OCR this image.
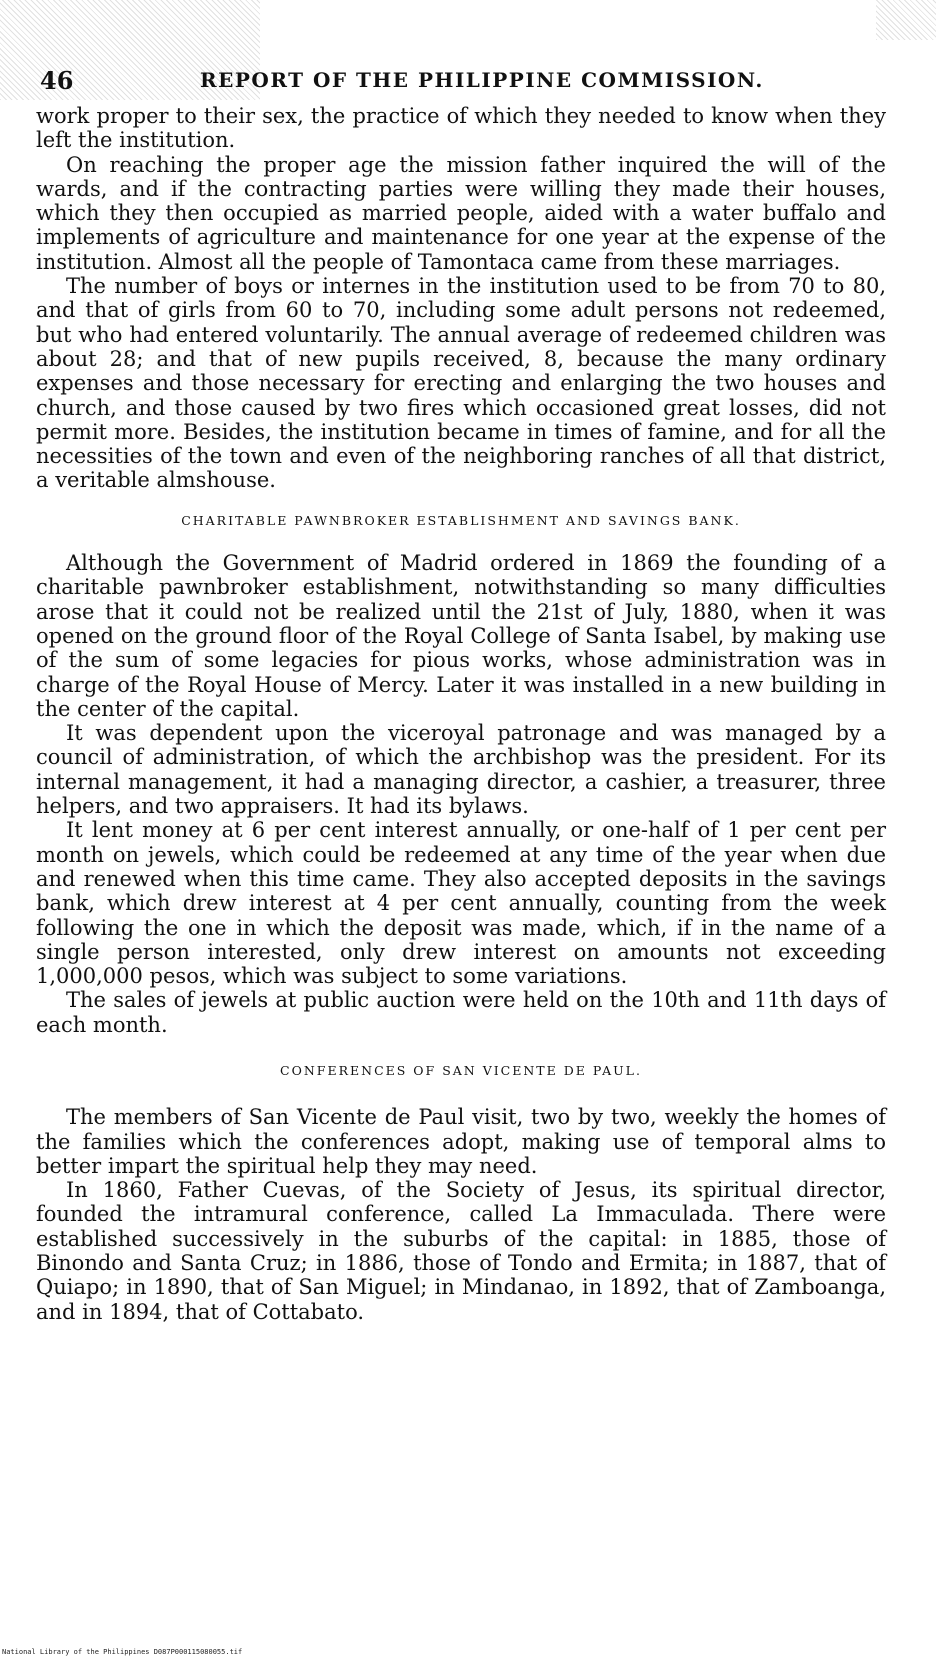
46	REPORT OF THE PHILIPPINE COMMISSION.

work proper to their sex, the practice of which they needed to know when they left the institution.

On reaching the proper age the mission father inquired the will of the wards, and if the contracting parties were willing they made their houses, which they then occupied as married people, aided with a water buffalo and implements of agriculture and maintenance for one year at the expense of the institution. Almost all the people of Tamontaca came from these marriages.

The number of boys or internes in the institution used to be from 70 to 80, and that of girls from 60 to 70, including some adult persons not redeemed, but who had entered voluntarily. The annual average of redeemed children was about 28; and that of new pupils received, 8, because the many ordinary expenses and those necessary for erecting and enlarging the two houses and church, and those caused by two fires which occasioned great losses, did not permit more. Besides, the institution became in times of famine, and for all the necessities of the town and even of the neighboring ranches of all that district, a veritable almshouse.

CHARITABLE PAWNBROKER ESTABLISHMENT AND SAVINGS BANK.

Although the Government of Madrid ordered in 1869 the founding of a charitable pawnbroker establishment, notwithstanding so many difficulties arose that it could not be realized until the 21st of July, 1880, when it was opened on the ground floor of the Royal College of Santa Isabel, by making use of the sum of some legacies for pious works, whose administration was in charge of the Royal House of Mercy. Later it was installed in a new building in the center of the capital.

It was dependent upon the viceroyal patronage and was managed by a council of administration, of which the archbishop was the president. For its internal management, it had a managing director, a cashier, a treasurer, three helpers, and two appraisers. It had its bylaws.

It lent money at 6 per cent interest annually, or one-half of 1 per cent per month on jewels, which could be redeemed at any time of the year when due and renewed when this time came. They also accepted deposits in the savings bank, which drew interest at 4 per cent annually, counting from the week following the one in which the deposit was made, which, if in the name of a single person interested, only drew interest on amounts not exceeding 1,000,000 pesos, which was subject to some variations.

The sales of jewels at public auction were held on the 10th and 11th days of each month.

CONFERENCES OF SAN VICENTE DE PAUL.

The members of San Vicente de Paul visit, two by two, weekly the homes of the families which the conferences adopt, making use of temporal alms to better impart the spiritual help they may need.

In 1860, Father Cuevas, of the Society of Jesus, its spiritual director, founded the intramural conference, called La Immaculada. There were established successively in the suburbs of the capital: in 1885, those of Binondo and Santa Cruz; in 1886, those of Tondo and Ermita; in 1887, that of Quiapo; in 1890, that of San Miguel; in Mindanao, in 1892, that of Zamboanga, and in 1894, that of Cottabato.

National Library of the Philippines D087P000115080055.tif
